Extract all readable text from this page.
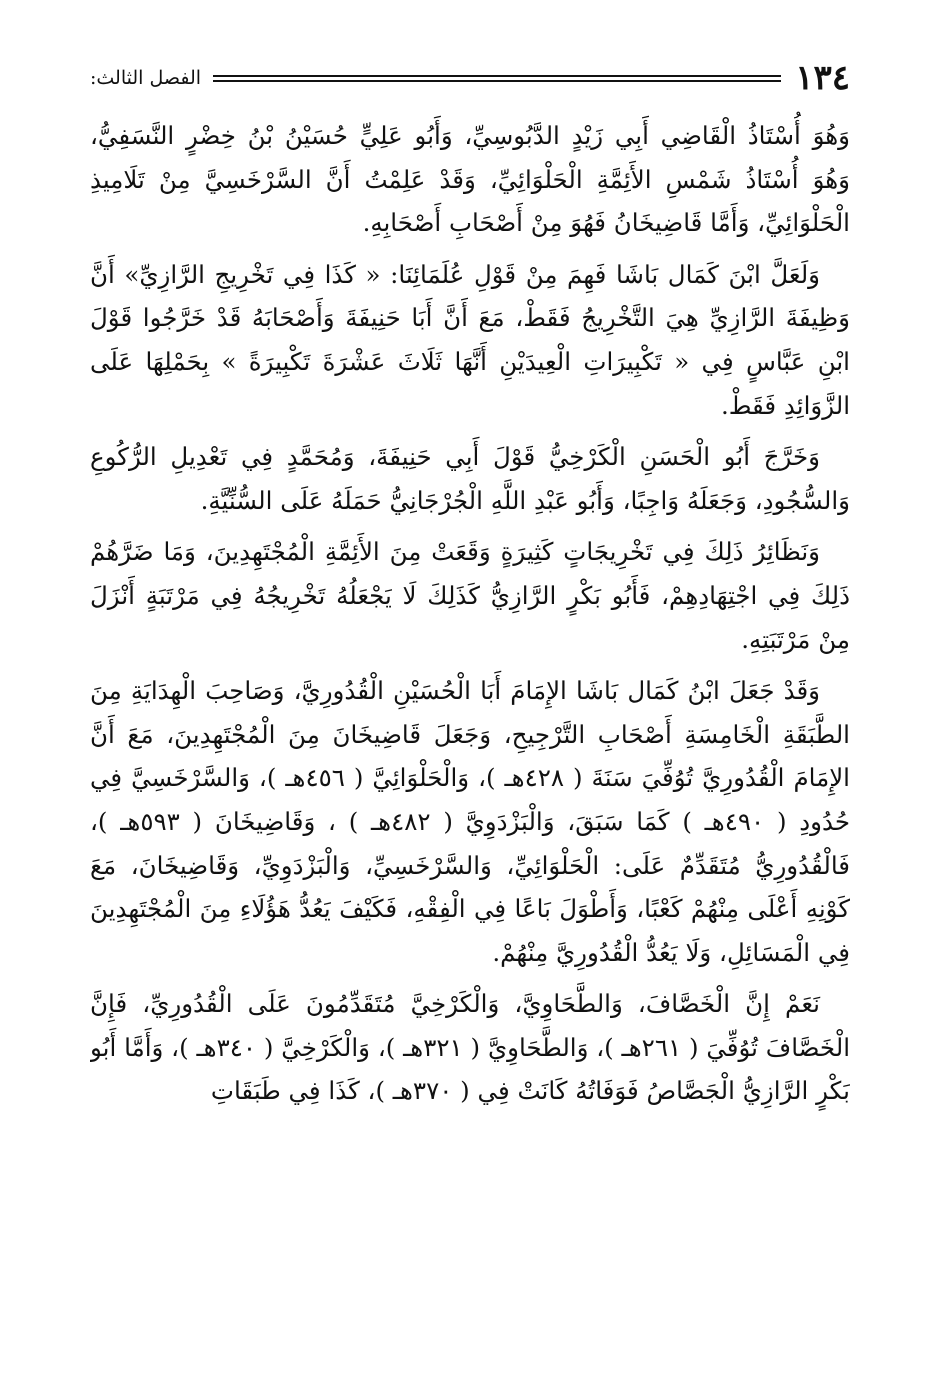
١٣٤
الفصل الثالث:

وَهُوَ أُسْتَاذُ الْقَاضِي أَبِي زَيْدٍ الدَّبُوسِيِّ، وَأَبُو عَلِيٍّ حُسَيْنُ بْنُ خِضْرٍ النَّسَفِيُّ، وَهُوَ أُسْتَاذُ شَمْسِ الأَئِمَّةِ الْحَلْوَائِيِّ، وَقَدْ عَلِمْتُ أَنَّ السَّرْخَسِيَّ مِنْ تَلَامِيذِ الْحَلْوَائِيِّ، وَأَمَّا قَاضِيخَانُ فَهُوَ مِنْ أَصْحَابِ أَصْحَابِهِ.

وَلَعَلَّ ابْنَ كَمَال بَاشَا فَهِمَ مِنْ قَوْلِ عُلَمَائِنَا: « كَذَا فِي تَخْرِيجِ الرَّازِيِّ» أَنَّ وَظِيفَةَ الرَّازِيِّ هِيَ التَّخْرِيجُ فَقَطْ، مَعَ أَنَّ أَبَا حَنِيفَةَ وَأَصْحَابَهُ قَدْ خَرَّجُوا قَوْلَ ابْنِ عَبَّاسٍ فِي « تَكْبِيرَاتِ الْعِيدَيْنِ أَنَّهَا ثَلَاثَ عَشْرَةَ تَكْبِيرَةً » بِحَمْلِهَا عَلَى الزَّوَائِدِ فَقَطْ.

وَخَرَّجَ أَبُو الْحَسَنِ الْكَرْخِيُّ قَوْلَ أَبِي حَنِيفَةَ، وَمُحَمَّدٍ فِي تَعْدِيلِ الرُّكُوعِ وَالسُّجُودِ، وَجَعَلَهُ وَاجِبًا، وَأَبُو عَبْدِ اللَّهِ الْجُرْجَانِيُّ حَمَلَهُ عَلَى السُّنِّيَّةِ.

وَنَظَائِرُ ذَلِكَ فِي تَخْرِيجَاتٍ كَثِيرَةٍ وَقَعَتْ مِنَ الأَئِمَّةِ الْمُجْتَهِدِينَ، وَمَا ضَرَّهُمْ ذَلِكَ فِي اجْتِهَادِهِمْ، فَأَبُو بَكْرٍ الرَّازِيُّ كَذَلِكَ لَا يَجْعَلُهُ تَخْرِيجُهُ فِي مَرْتَبَةٍ أَنْزَلَ مِنْ مَرْتَبَتِهِ.

وَقَدْ جَعَلَ ابْنُ كَمَال بَاشَا الإِمَامَ أَبَا الْحُسَيْنِ الْقُدُورِيَّ، وَصَاحِبَ الْهِدَايَةِ مِنَ الطَّبَقَةِ الْخَامِسَةِ أَصْحَابِ التَّرْجِيحِ، وَجَعَلَ قَاضِيخَانَ مِنَ الْمُجْتَهِدِينَ، مَعَ أَنَّ الإِمَامَ الْقُدُورِيَّ تُوُفِّيَ سَنَةَ ( ٤٢٨هـ )، وَالْحَلْوَائِيَّ ( ٤٥٦هـ )، وَالسَّرْخَسِيَّ فِي حُدُودِ ( ٤٩٠هـ ) كَمَا سَبَقَ، وَالْبَزْدَوِيَّ ( ٤٨٢هـ ) ، وَقَاضِيخَانَ ( ٥٩٣هـ )، فَالْقُدُورِيُّ مُتَقَدِّمٌ عَلَى: الْحَلْوَائِيِّ، وَالسَّرْخَسِيِّ، وَالْبَزْدَوِيِّ، وَقَاضِيخَانَ، مَعَ كَوْنِهِ أَعْلَى مِنْهُمْ كَعْبًا، وَأَطْوَلَ بَاعًا فِي الْفِقْهِ، فَكَيْفَ يَعُدُّ هَؤُلَاءِ مِنَ الْمُجْتَهِدِينَ فِي الْمَسَائِلِ، وَلَا يَعُدُّ الْقُدُورِيَّ مِنْهُمْ.

نَعَمْ إِنَّ الْخَصَّافَ، وَالطَّحَاوِيَّ، وَالْكَرْخِيَّ مُتَقَدِّمُونَ عَلَى الْقُدُورِيِّ، فَإِنَّ الْخَصَّافَ تُوُفِّيَ ( ٢٦١هـ )، وَالطَّحَاوِيَّ ( ٣٢١هـ )، وَالْكَرْخِيَّ ( ٣٤٠هـ )، وَأَمَّا أَبُو بَكْرٍ الرَّازِيُّ الْجَصَّاصُ فَوَفَاتُهُ كَانَتْ فِي ( ٣٧٠هـ )، كَذَا فِي طَبَقَاتِ
